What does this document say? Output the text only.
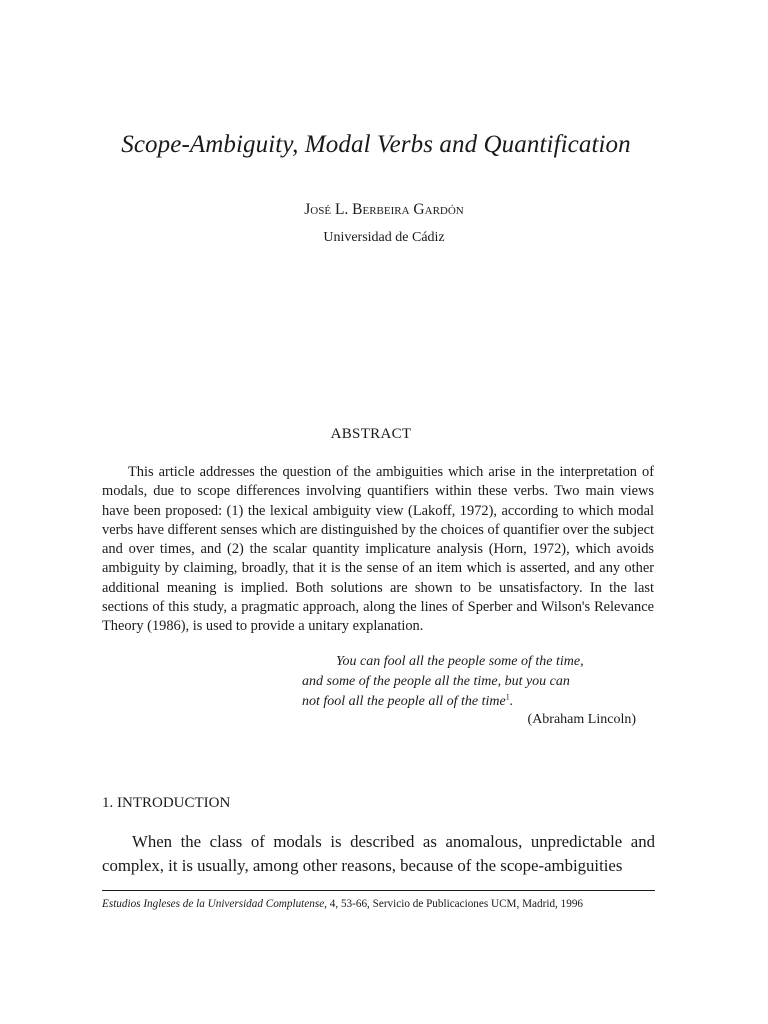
Scope-Ambiguity, Modal Verbs and Quantification
José L. Berbeira Gardón
Universidad de Cádiz
ABSTRACT

This article addresses the question of the ambiguities which arise in the interpretation of modals, due to scope differences involving quantifiers within these verbs. Two main views have been proposed: (1) the lexical ambiguity view (Lakoff, 1972), according to which modal verbs have different senses which are distinguished by the choices of quantifier over the subject and over times, and (2) the scalar quantity implicature analysis (Horn, 1972), which avoids ambiguity by claiming, broadly, that it is the sense of an item which is asserted, and any other additional meaning is implied. Both solutions are shown to be unsatisfactory. In the last sections of this study, a pragmatic approach, along the lines of Sperber and Wilson's Relevance Theory (1986), is used to provide a unitary explanation.

You can fool all the people some of the time,
and some of the people all the time, but you can
not fool all the people all of the time$^1$.
(Abraham Lincoln)
1. INTRODUCTION

When the class of modals is described as anomalous, unpredictable and complex, it is usually, among other reasons, because of the scope-ambiguities

Estudios Ingleses de la Universidad Complutense, 4, 53-66, Servicio de Publicaciones UCM, Madrid, 1996
